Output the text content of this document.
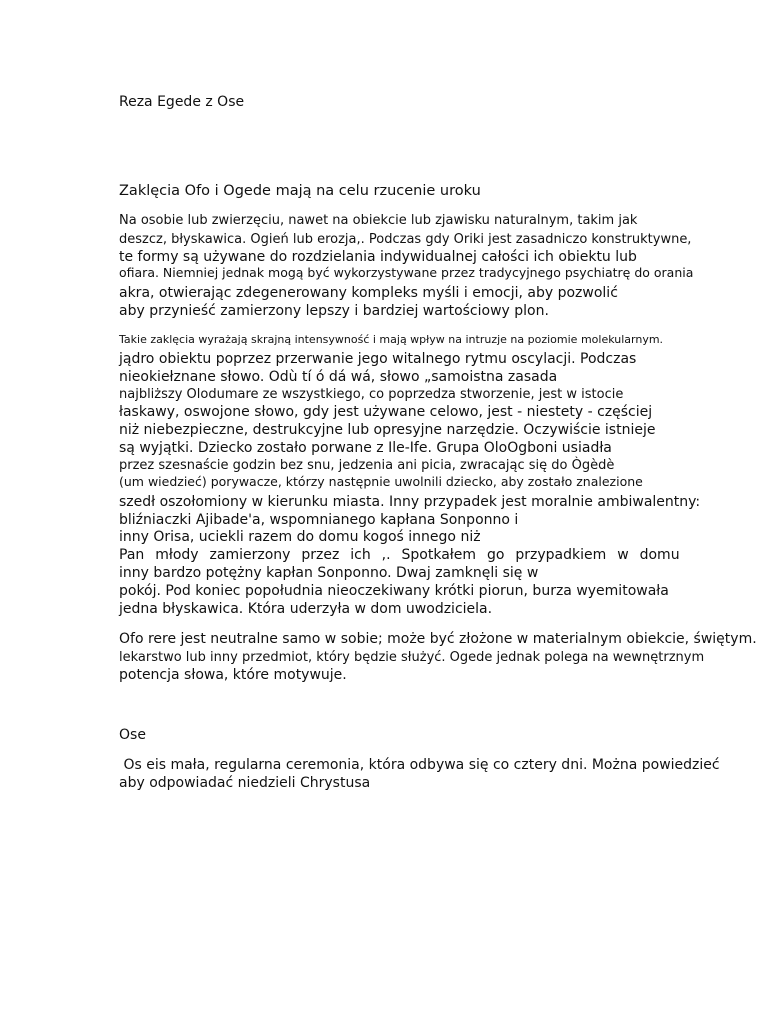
Reza Egede z Ose
Zaklęcia Ofo i Ogede mają na celu rzucenie uroku
Na osobie lub zwierzęciu, nawet na obiekcie lub zjawisku naturalnym, takim jak
deszcz, błyskawica. Ogień lub erozja,. Podczas gdy Oriki jest zasadniczo konstruktywne,
te formy są używane do rozdzielania indywidualnej całości ich obiektu lub
ofiara. Niemniej jednak mogą być wykorzystywane przez tradycyjnego psychiatrę do orania
akra, otwierając zdegenerowany kompleks myśli i emocji, aby pozwolić
aby przynieść zamierzony lepszy i bardziej wartościowy plon.
Takie zaklęcia wyrażają skrajną intensywność i mają wpływ na intruzje na poziomie molekularnym.
jądro obiektu poprzez przerwanie jego witalnego rytmu oscylacji. Podczas
nieokiełznane słowo. Odù tí ó dá wá, słowo „samoistna zasada
najbliższy Olodumare ze wszystkiego, co poprzedza stworzenie, jest w istocie
łaskawy, oswojone słowo, gdy jest używane celowo, jest - niestety - częściej
niż niebezpieczne, destrukcyjne lub opresyjne narzędzie. Oczywiście istnieje
są wyjątki. Dziecko zostało porwane z Ile-Ife. Grupa OloOgboni usiadła
przez szesnaście godzin bez snu, jedzenia ani picia, zwracając się do Ògèdè
(um wiedzieć) porywacze, którzy następnie uwolnili dziecko, aby zostało znalezione
szedł oszołomiony w kierunku miasta. Inny przypadek jest moralnie ambiwalentny:
bliźniaczki Ajibade'a, wspomnianego kapłana Sonponno i
inny Orisa, uciekli razem do domu kogoś innego niż
Pan młody zamierzony przez ich ,. Spotkałem go przypadkiem w domu
inny bardzo potężny kapłan Sonponno. Dwaj zamknęli się w
pokój. Pod koniec popołudnia nieoczekiwany krótki piorun, burza wyemitowała
jedna błyskawica. Która uderzyła w dom uwodziciela.
Ofo rere jest neutralne samo w sobie; może być złożone w materialnym obiekcie, świętym.
lekarstwo lub inny przedmiot, który będzie służyć. Ogede jednak polega na wewnętrznym
potencja słowa, które motywuje.
Ose
Os eis mała, regularna ceremonia, która odbywa się co cztery dni. Można powiedzieć
aby odpowiadać niedzieli Chrystusa
